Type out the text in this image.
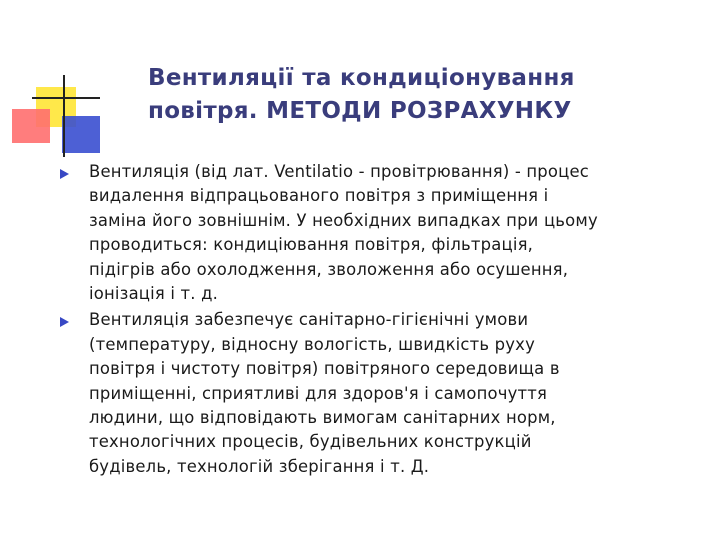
Вентиляції та кондиціонування
повітря. МЕТОДИ РОЗРАХУНКУ
Вентиляція (від лат. Ventilatio - провітрювання) - процес
видалення відпрацьованого повітря з приміщення і
заміна його зовнішнім. У необхідних випадках при цьому
проводиться: кондиціювання повітря, фільтрація,
підігрів або охолодження, зволоження або осушення,
іонізація і т. д.
Вентиляція забезпечує санітарно-гігієнічні умови
(температуру, відносну вологість, швидкість руху
повітря і чистоту повітря) повітряного середовища в
приміщенні, сприятливі для здоров'я і самопочуття
людини, що відповідають вимогам санітарних норм,
технологічних процесів, будівельних конструкцій
будівель, технологій зберігання і т. Д.
